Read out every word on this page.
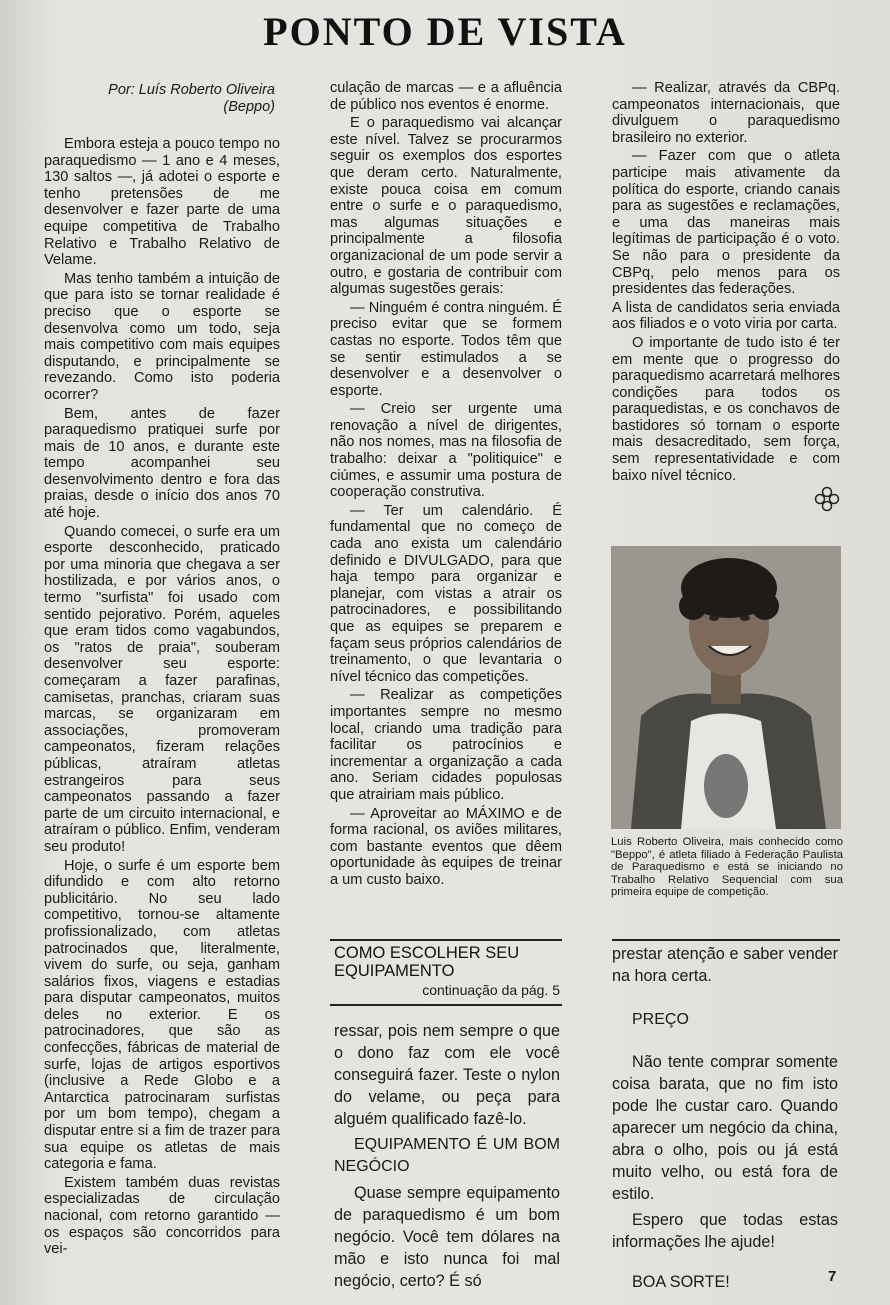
PONTO DE VISTA
Por: Luís Roberto Oliveira
(Beppo)

Embora esteja a pouco tempo no paraquedismo — 1 ano e 4 meses, 130 saltos —, já adotei o esporte e tenho pretensões de me desenvolver e fazer parte de uma equipe competitiva de Trabalho Relativo e Trabalho Relativo de Velame.

Mas tenho também a intuição de que para isto se tornar realidade é preciso que o esporte se desenvolva como um todo, seja mais competitivo com mais equipes disputando, e principalmente se revezando. Como isto poderia ocorrer?

Bem, antes de fazer paraquedismo pratiquei surfe por mais de 10 anos, e durante este tempo acompanhei seu desenvolvimento dentro e fora das praias, desde o início dos anos 70 até hoje.

Quando comecei, o surfe era um esporte desconhecido, praticado por uma minoria que chegava a ser hostilizada, e por vários anos, o termo "surfista" foi usado com sentido pejorativo. Porém, aqueles que eram tidos como vagabundos, os "ratos de praia", souberam desenvolver seu esporte: começaram a fazer parafinas, camisetas, pranchas, criaram suas marcas, se organizaram em associações, promoveram campeonatos, fizeram relações públicas, atraíram atletas estrangeiros para seus campeonatos passando a fazer parte de um circuito internacional, e atraíram o público. Enfim, venderam seu produto!

Hoje, o surfe é um esporte bem difundido e com alto retorno publicitário. No seu lado competitivo, tornou-se altamente profissionalizado, com atletas patrocinados que, literalmente, vivem do surfe, ou seja, ganham salários fixos, viagens e estadias para disputar campeonatos, muitos deles no exterior. E os patrocinadores, que são as confecções, fábricas de material de surfe, lojas de artigos esportivos (inclusive a Rede Globo e a Antarctica patrocinaram surfistas por um bom tempo), chegam a disputar entre si a fim de trazer para sua equipe os atletas de mais categoria e fama.

Existem também duas revistas especializadas de circulação nacional, com retorno garantido — os espaços são concorridos para vei-

culação de marcas — e a afluência de público nos eventos é enorme.

E o paraquedismo vai alcançar este nível. Talvez se procurarmos seguir os exemplos dos esportes que deram certo. Naturalmente, existe pouca coisa em comum entre o surfe e o paraquedismo, mas algumas situações e principalmente a filosofia organizacional de um pode servir a outro, e gostaria de contribuir com algumas sugestões gerais:

— Ninguém é contra ninguém. É preciso evitar que se formem castas no esporte. Todos têm que se sentir estimulados a se desenvolver e a desenvolver o esporte.

— Creio ser urgente uma renovação a nível de dirigentes, não nos nomes, mas na filosofia de trabalho: deixar a "politiquice" e ciúmes, e assumir uma postura de cooperação construtiva.

— Ter um calendário. É fundamental que no começo de cada ano exista um calendário definido e DIVULGADO, para que haja tempo para organizar e planejar, com vistas a atrair os patrocinadores, e possibilitando que as equipes se preparem e façam seus próprios calendários de treinamento, o que levantaria o nível técnico das competições.

— Realizar as competições importantes sempre no mesmo local, criando uma tradição para facilitar os patrocínios e incrementar a organização a cada ano. Seriam cidades populosas que atrairiam mais público.

— Aproveitar ao MÁXIMO e de forma racional, os aviões militares, com bastante eventos que dêem oportunidade às equipes de treinar a um custo baixo.

— Realizar, através da CBPq. campeonatos internacionais, que divulguem o paraquedismo brasileiro no exterior.

— Fazer com que o atleta participe mais ativamente da política do esporte, criando canais para as sugestões e reclamações, e uma das maneiras mais legítimas de participação é o voto. Se não para o presidente da CBPq, pelo menos para os presidentes das federações.

A lista de candidatos seria enviada aos filiados e o voto viria por carta.

O importante de tudo isto é ter em mente que o progresso do paraquedismo acarretará melhores condições para todos os paraquedistas, e os conchavos de bastidores só tornam o esporte mais desacreditado, sem força, sem representatividade e com baixo nível técnico.

Luis Roberto Oliveira, mais conhecido como "Beppo", é atleta filiado à Federação Paulista de Paraquedismo e está se iniciando no Trabalho Relativo Sequencial com sua primeira equipe de competição.
COMO ESCOLHER SEU EQUIPAMENTO
continuação da pág. 5

ressar, pois nem sempre o que o dono faz com ele você conseguirá fazer. Teste o nylon do velame, ou peça para alguém qualificado fazê-lo.

EQUIPAMENTO É UM BOM NEGÓCIO

Quase sempre equipamento de paraquedismo é um bom negócio. Você tem dólares na mão e isto nunca foi mal negócio, certo? É só

prestar atenção e saber vender na hora certa.

PREÇO

Não tente comprar somente coisa barata, que no fim isto pode lhe custar caro. Quando aparecer um negócio da china, abra o olho, pois ou já está muito velho, ou está fora de estilo.

Espero que todas estas informações lhe ajude!

BOA SORTE!	7
